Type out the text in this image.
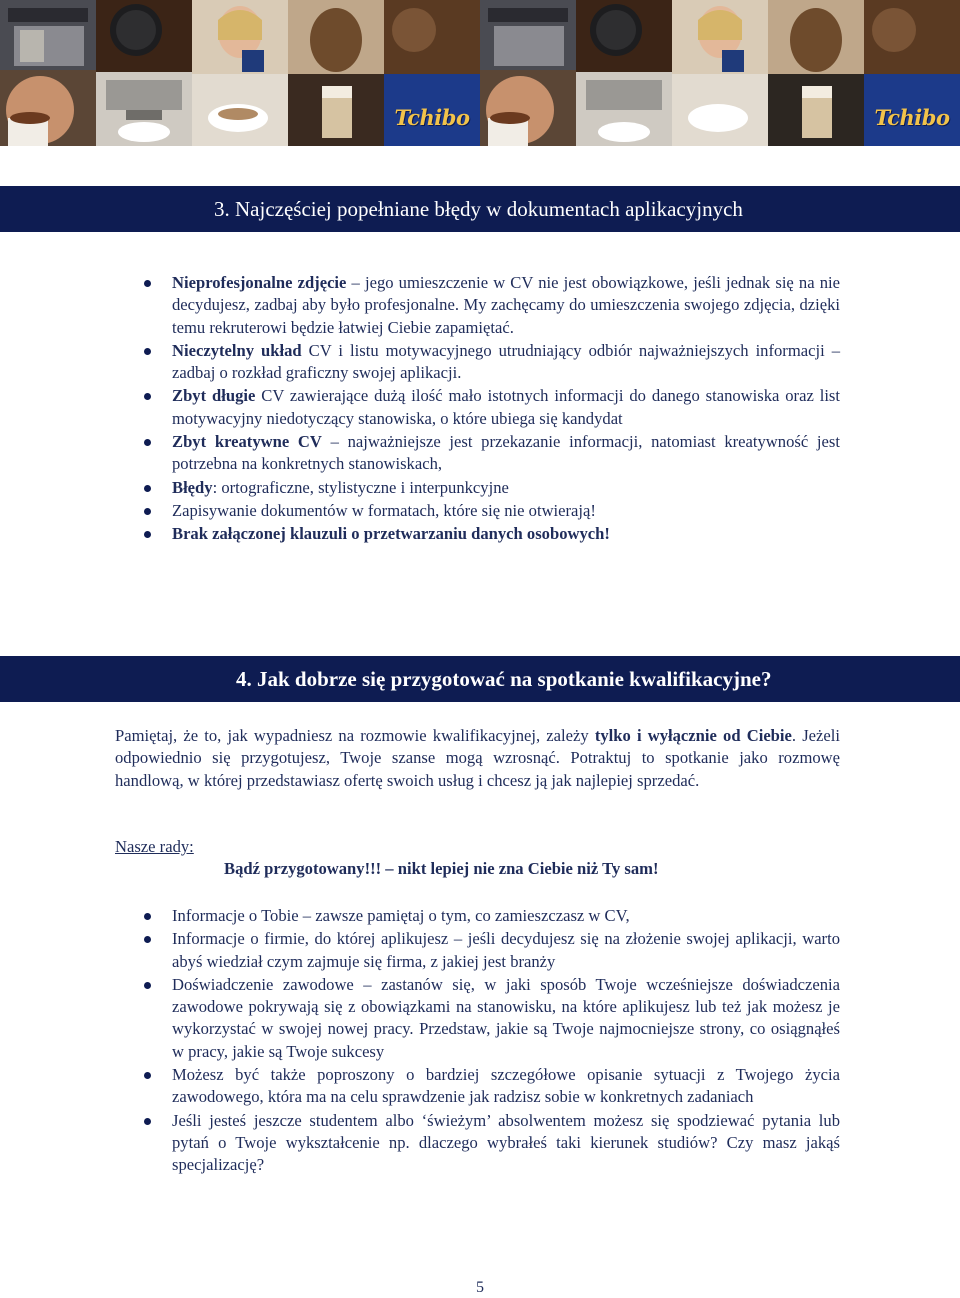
Tchibo	Tchibo
3. Najczęściej popełniane błędy w dokumentach aplikacyjnych
Nieprofesjonalne zdjęcie – jego umieszczenie w CV nie jest obowiązkowe, jeśli jednak się na nie decydujesz, zadbaj aby było profesjonalne. My zachęcamy do umieszczenia swojego zdjęcia, dzięki temu rekruterowi będzie łatwiej Ciebie zapamiętać.
Nieczytelny układ CV i listu motywacyjnego utrudniający odbiór najważniejszych informacji – zadbaj o rozkład graficzny swojej aplikacji.
Zbyt długie CV zawierające dużą ilość mało istotnych informacji do danego stanowiska oraz list motywacyjny niedotyczący stanowiska, o które ubiega się kandydat
Zbyt kreatywne CV – najważniejsze jest przekazanie informacji, natomiast kreatywność jest potrzebna na konkretnych stanowiskach,
Błędy: ortograficzne, stylistyczne i interpunkcyjne
Zapisywanie dokumentów w formatach, które się nie otwierają!
Brak załączonej klauzuli o przetwarzaniu danych osobowych!
4. Jak dobrze się przygotować na spotkanie kwalifikacyjne?

Pamiętaj, że to, jak wypadniesz na rozmowie kwalifikacyjnej, zależy tylko i wyłącznie od Ciebie. Jeżeli odpowiednio się przygotujesz, Twoje szanse mogą wzrosnąć. Potraktuj to spotkanie jako rozmowę handlową, w której przedstawiasz ofertę swoich usług i chcesz ją jak najlepiej sprzedać.

Nasze rady:

Bądź przygotowany!!! – nikt lepiej nie zna Ciebie niż Ty sam!

Informacje o Tobie – zawsze pamiętaj o tym, co zamieszczasz w CV,
Informacje o firmie, do której aplikujesz – jeśli decydujesz się na złożenie swojej aplikacji, warto abyś wiedział czym zajmuje się firma, z jakiej jest branży
Doświadczenie zawodowe – zastanów się, w jaki sposób Twoje wcześniejsze doświadczenia zawodowe pokrywają się z obowiązkami na stanowisku, na które aplikujesz lub też jak możesz je wykorzystać w swojej nowej pracy. Przedstaw, jakie są Twoje najmocniejsze strony, co osiągnąłeś w pracy, jakie są Twoje sukcesy
Możesz być także poproszony o bardziej szczegółowe opisanie sytuacji z Twojego życia zawodowego, która ma na celu sprawdzenie jak radzisz sobie w konkretnych zadaniach
Jeśli jesteś jeszcze studentem albo ‘świeżym’ absolwentem możesz się spodziewać pytania lub pytań o Twoje wykształcenie np. dlaczego wybrałeś taki kierunek studiów? Czy masz jakąś specjalizację?
5
